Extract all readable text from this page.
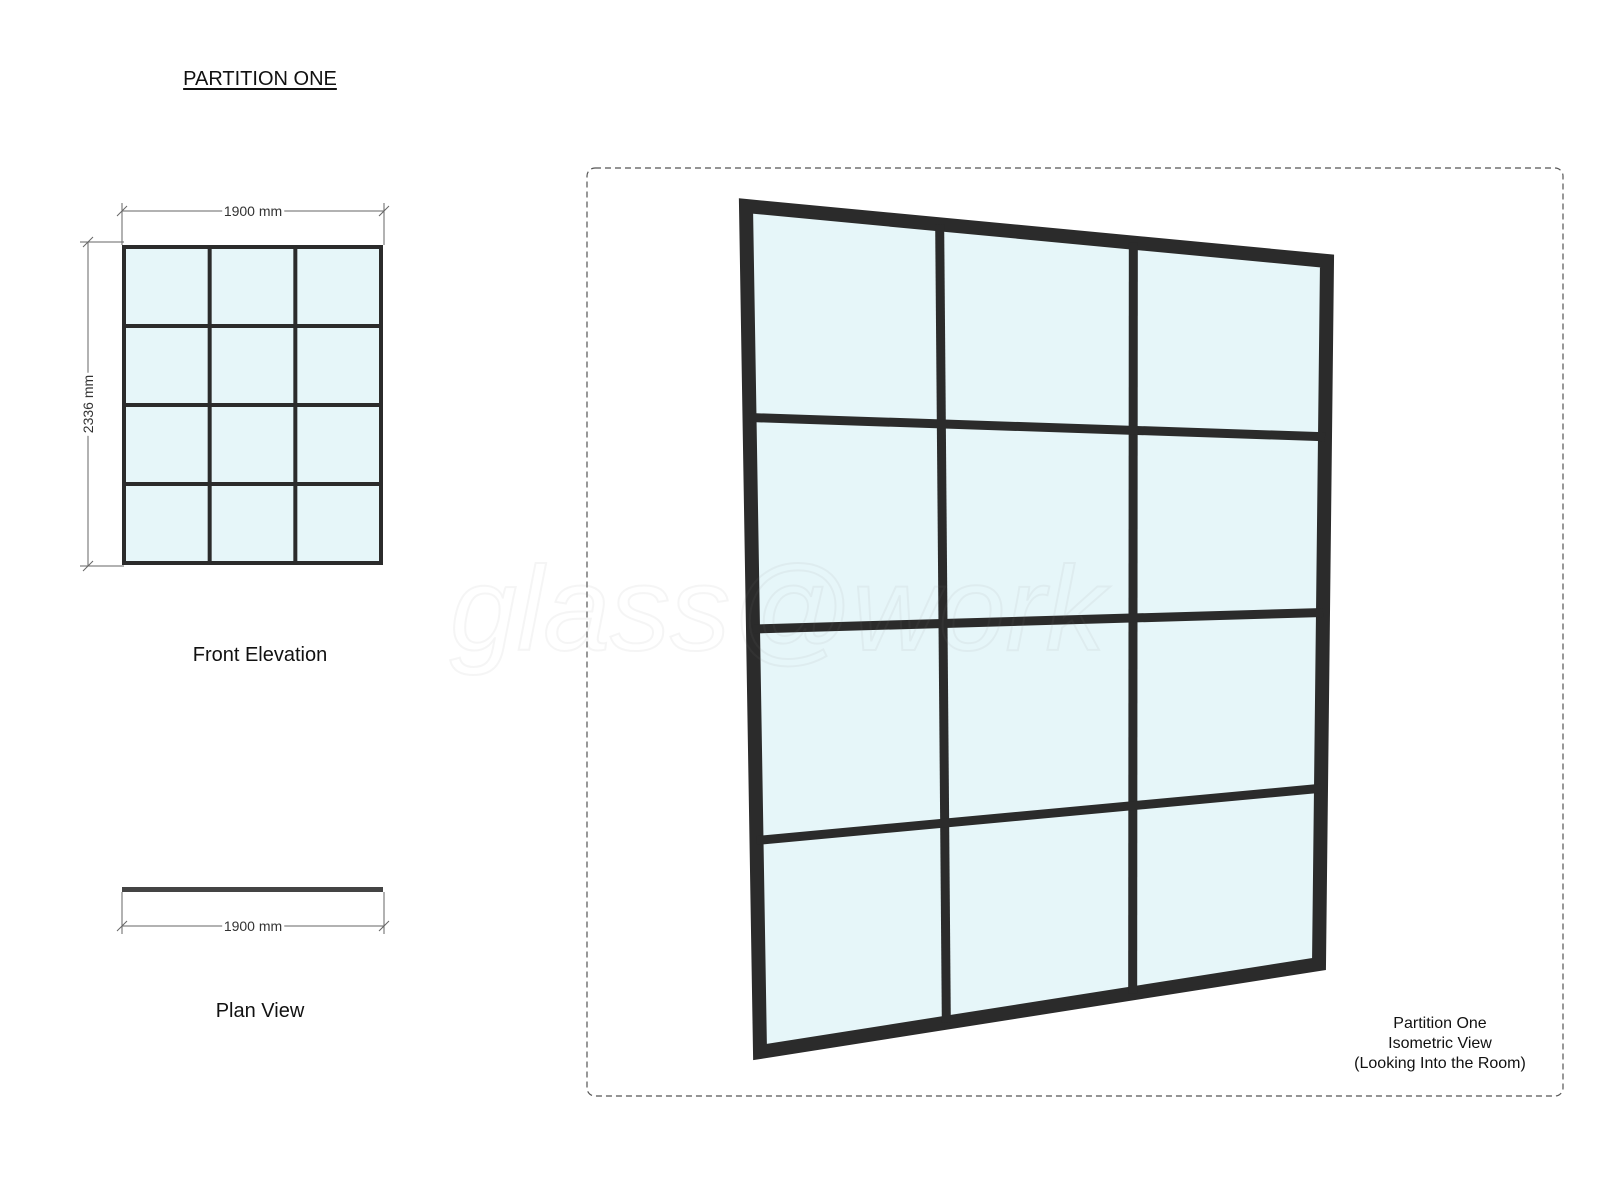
1900 mm
2336 mm
1900 mm
glass@work
PARTITION ONE
Front Elevation
Plan View
Partition One
Isometric View
(Looking Into the Room)
